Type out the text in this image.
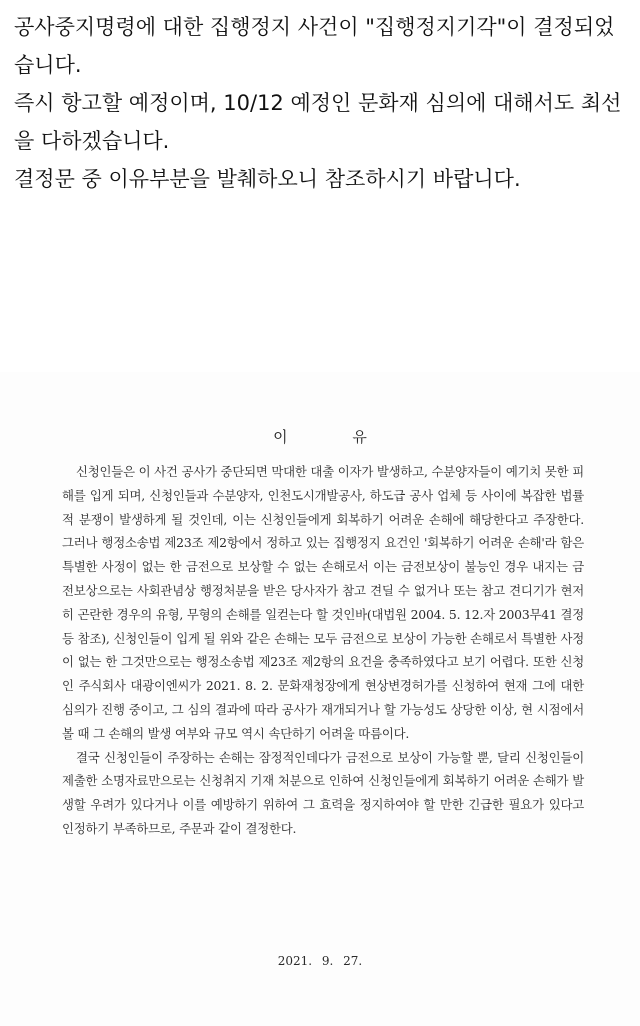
공사중지명령에 대한 집행정지 사건이 "집행정지기각"이 결정되었습니다.

즉시 항고할 예정이며, 10/12 예정인 문화재 심의에 대해서도 최선을 다하겠습니다.

결정문 중 이유부분을 발췌하오니 참조하시기 바랍니다.

이 유

신청인들은 이 사건 공사가 중단되면 막대한 대출 이자가 발생하고, 수분양자들이 예기치 못한 피해를 입게 되며, 신청인들과 수분양자, 인천도시개발공사, 하도급 공사 업체 등 사이에 복잡한 법률적 분쟁이 발생하게 될 것인데, 이는 신청인들에게 회복하기 어려운 손해에 해당한다고 주장한다. 그러나 행정소송법 제23조 제2항에서 정하고 있는 집행정지 요건인 '회복하기 어려운 손해'라 함은 특별한 사정이 없는 한 금전으로 보상할 수 없는 손해로서 이는 금전보상이 불능인 경우 내지는 금전보상으로는 사회관념상 행정처분을 받은 당사자가 참고 견딜 수 없거나 또는 참고 견디기가 현저히 곤란한 경우의 유형, 무형의 손해를 일컫는다 할 것인바(대법원 2004. 5. 12.자 2003무41 결정 등 참조), 신청인들이 입게 될 위와 같은 손해는 모두 금전으로 보상이 가능한 손해로서 특별한 사정이 없는 한 그것만으로는 행정소송법 제23조 제2항의 요건을 충족하였다고 보기 어렵다. 또한 신청인 주식회사 대광이엔씨가 2021. 8. 2. 문화재청장에게 현상변경허가를 신청하여 현재 그에 대한 심의가 진행 중이고, 그 심의 결과에 따라 공사가 재개되거나 할 가능성도 상당한 이상, 현 시점에서 볼 때 그 손해의 발생 여부와 규모 역시 속단하기 어려울 따름이다.

결국 신청인들이 주장하는 손해는 잠정적인데다가 금전으로 보상이 가능할 뿐, 달리 신청인들이 제출한 소명자료만으로는 신청취지 기재 처분으로 인하여 신청인들에게 회복하기 어려운 손해가 발생할 우려가 있다거나 이를 예방하기 위하여 그 효력을 정지하여야 할 만한 긴급한 필요가 있다고 인정하기 부족하므로, 주문과 같이 결정한다.

2021. 9. 27.
